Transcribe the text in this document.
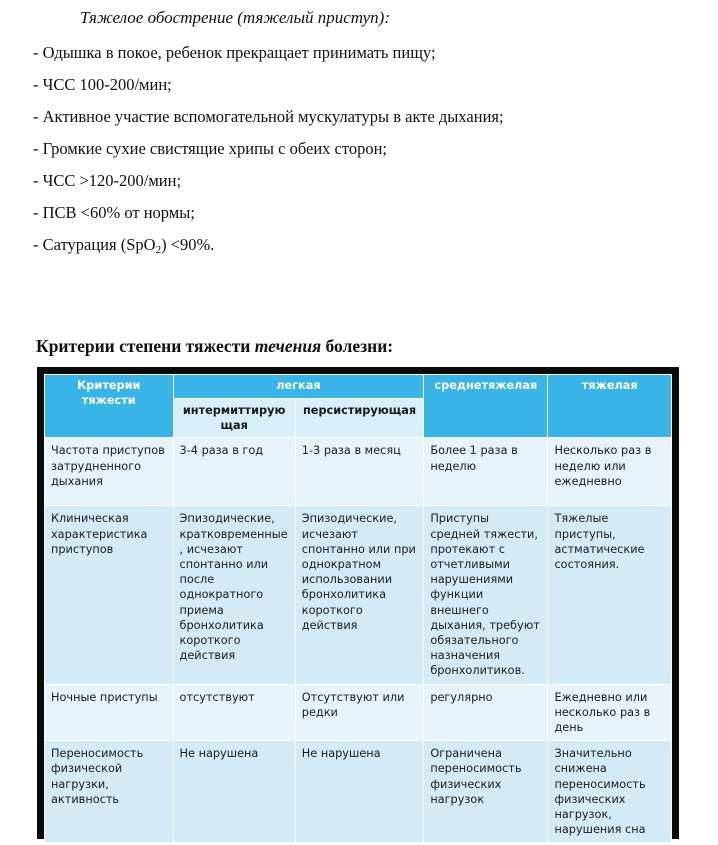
Тяжелое обострение (тяжелый приступ):
- Одышка в покое, ребенок прекращает принимать пищу;
- ЧСС 100-200/мин;
- Активное участие вспомогательной мускулатуры в акте дыхания;
- Громкие сухие свистящие хрипы с обеих сторон;
- ЧСС >120-200/мин;
- ПСВ <60% от нормы;
- Сатурация (SpO$_2$) <90%.
Критерии степени тяжести течения болезни:
Критерии тяжести	легкая		среднетяжелая	тяжелая
	интермиттирующая	персистирующая		
Частота приступов затрудненного дыхания	3-4 раза в год	1-3 раза в месяц	Более 1 раза в неделю	Несколько раз в неделю или ежедневно
Клиническая характеристика приступов	Эпизодические, кратковременные, исчезают спонтанно или после однократного приема бронхолитика короткого действия	Эпизодические, исчезают спонтанно или при однократном использовании бронхолитика короткого действия	Приступы средней тяжести, протекают с отчетливыми нарушениями функции внешнего дыхания, требуют обязательного назначения бронхолитиков.	Тяжелые приступы, астматические состояния.
Ночные приступы	отсутствуют	Отсутствуют или редки	регулярно	Ежедневно или несколько раз в день
Переносимость физической нагрузки, активность	Не нарушена	Не нарушена	Ограничена переносимость физических нагрузок	Значительно снижена переносимость физических нагрузок, нарушения сна
